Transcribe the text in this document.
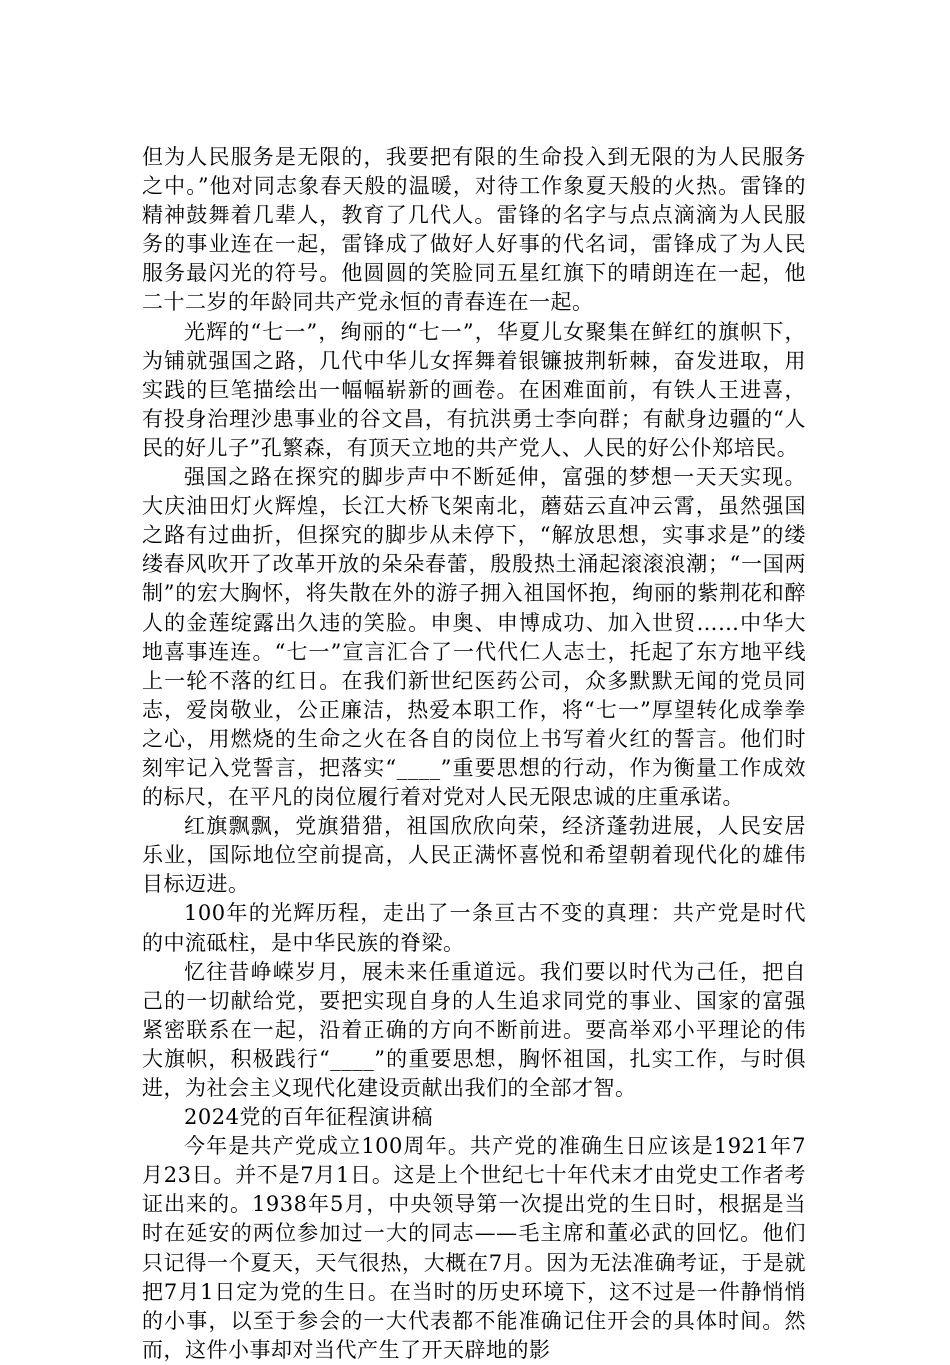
但为人民服务是无限的，我要把有限的生命投入到无限的为人民服务之中。”他对同志象春天般的温暖，对待工作象夏天般的火热。雷锋的精神鼓舞着几辈人，教育了几代人。雷锋的名字与点点滴滴为人民服务的事业连在一起，雷锋成了做好人好事的代名词，雷锋成了为人民服务最闪光的符号。他圆圆的笑脸同五星红旗下的晴朗连在一起，他二十二岁的年龄同共产党永恒的青春连在一起。

光辉的“七一”，绚丽的“七一”，华夏儿女聚集在鲜红的旗帜下，为铺就强国之路，几代中华儿女挥舞着银镰披荆斩棘，奋发进取，用实践的巨笔描绘出一幅幅崭新的画卷。在困难面前，有铁人王进喜，有投身治理沙患事业的谷文昌，有抗洪勇士李向群；有献身边疆的“人民的好儿子”孔繁森，有顶天立地的共产党人、人民的好公仆郑培民。

强国之路在探究的脚步声中不断延伸，富强的梦想一天天实现。大庆油田灯火辉煌，长江大桥飞架南北，蘑菇云直冲云霄，虽然强国之路有过曲折，但探究的脚步从未停下，“解放思想，实事求是”的缕缕春风吹开了改革开放的朵朵春蕾，殷殷热土涌起滚滚浪潮；“一国两制”的宏大胸怀，将失散在外的游子拥入祖国怀抱，绚丽的紫荆花和醉人的金莲绽露出久违的笑脸。申奥、申博成功、加入世贸……中华大地喜事连连。“七一”宣言汇合了一代代仁人志士，托起了东方地平线上一轮不落的红日。在我们新世纪医药公司，众多默默无闻的党员同志，爱岗敬业，公正廉洁，热爱本职工作，将“七一”厚望转化成拳拳之心，用燃烧的生命之火在各自的岗位上书写着火红的誓言。他们时刻牢记入党誓言，把落实“____”重要思想的行动，作为衡量工作成效的标尺，在平凡的岗位履行着对党对人民无限忠诚的庄重承诺。

红旗飘飘，党旗猎猎，祖国欣欣向荣，经济蓬勃进展，人民安居乐业，国际地位空前提高，人民正满怀喜悦和希望朝着现代化的雄伟目标迈进。

100年的光辉历程，走出了一条亘古不变的真理：共产党是时代的中流砥柱，是中华民族的脊梁。

忆往昔峥嵘岁月，展未来任重道远。我们要以时代为己任，把自己的一切献给党，要把实现自身的人生追求同党的事业、国家的富强紧密联系在一起，沿着正确的方向不断前进。要高举邓小平理论的伟大旗帜，积极践行“____”的重要思想，胸怀祖国，扎实工作，与时俱进，为社会主义现代化建设贡献出我们的全部才智。

2024党的百年征程演讲稿

今年是共产党成立100周年。共产党的准确生日应该是1921年7月23日。并不是7月1日。这是上个世纪七十年代末才由党史工作者考证出来的。1938年5月，中央领导第一次提出党的生日时，根据是当时在延安的两位参加过一大的同志——毛主席和董必武的回忆。他们只记得一个夏天，天气很热，大概在7月。因为无法准确考证，于是就把7月1日定为党的生日。在当时的历史环境下，这不过是一件静悄悄的小事，以至于参会的一大代表都不能准确记住开会的具体时间。然而，这件小事却对当代产生了开天辟地的影
